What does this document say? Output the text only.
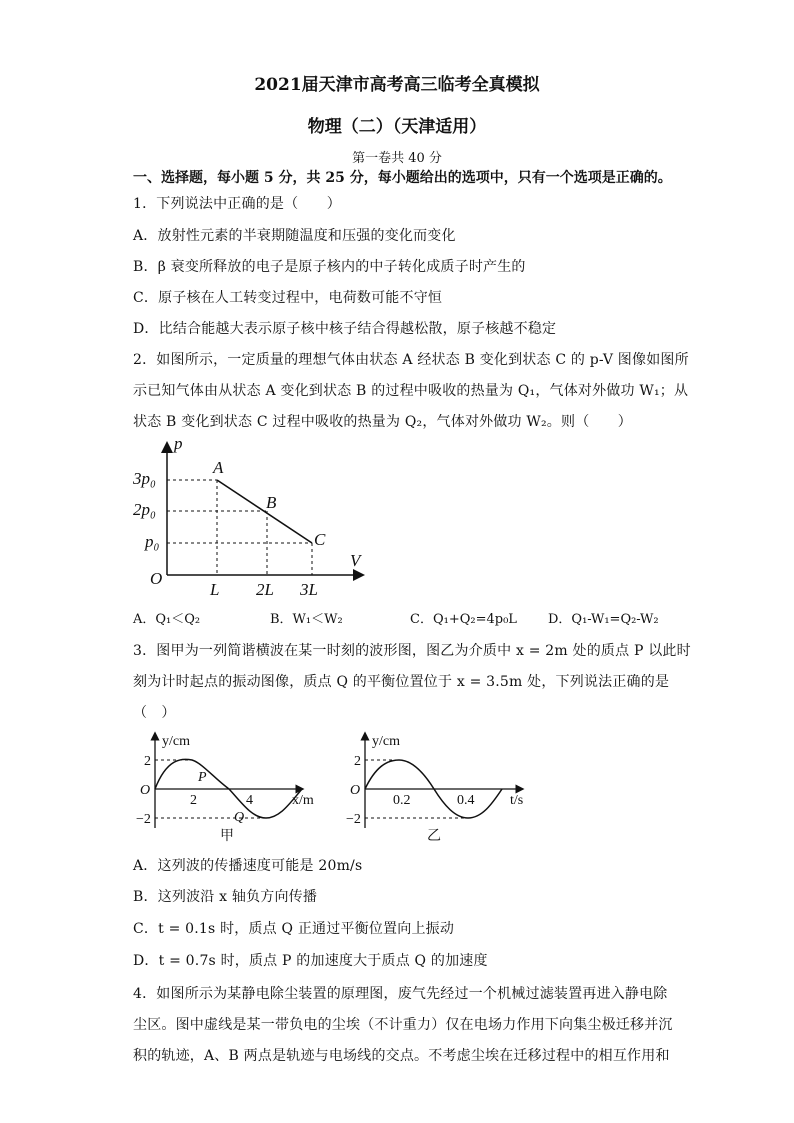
2021届天津市高考高三临考全真模拟
物理（二）（天津适用）
第一卷共 40 分
一、选择题，每小题 5 分，共 25 分，每小题给出的选项中，只有一个选项是正确的。
1．下列说法中正确的是（　　）
A．放射性元素的半衰期随温度和压强的变化而变化
B．β 衰变所释放的电子是原子核内的中子转化成质子时产生的
C．原子核在人工转变过程中，电荷数可能不守恒
D．比结合能越大表示原子核中核子结合得越松散，原子核越不稳定
2．如图所示，一定质量的理想气体由状态 A 经状态 B 变化到状态 C 的 p-V 图像如图所
示已知气体由从状态 A 变化到状态 B 的过程中吸收的热量为 Q₁，气体对外做功 W₁；从
状态 B 变化到状态 C 过程中吸收的热量为 Q₂，气体对外做功 W₂。则（　　）
p
V
O
3p₀
2p₀
p₀
L 2L 3L
A
B
C
A．Q₁＜Q₂	B．W₁＜W₂	C．Q₁+Q₂=4p₀L D．Q₁-W₁=Q₂-W₂
3．图甲为一列简谐横波在某一时刻的波形图，图乙为介质中 x = 2m 处的质点 P 以此时
刻为计时起点的振动图像，质点 Q 的平衡位置位于 x = 3.5m 处，下列说法正确的是
（　）
y/cm
x/m
O
2
−2
2	4
P
Q
甲
y/cm
t/s
O
2
−2
0.2	0.4
乙
A．这列波的传播速度可能是 20m/s
B．这列波沿 x 轴负方向传播
C．t = 0.1s 时，质点 Q 正通过平衡位置向上振动
D．t = 0.7s 时，质点 P 的加速度大于质点 Q 的加速度
4．如图所示为某静电除尘装置的原理图，废气先经过一个机械过滤装置再进入静电除
尘区。图中虚线是某一带负电的尘埃（不计重力）仅在电场力作用下向集尘极迁移并沉
积的轨迹，A、B 两点是轨迹与电场线的交点。不考虑尘埃在迁移过程中的相互作用和
